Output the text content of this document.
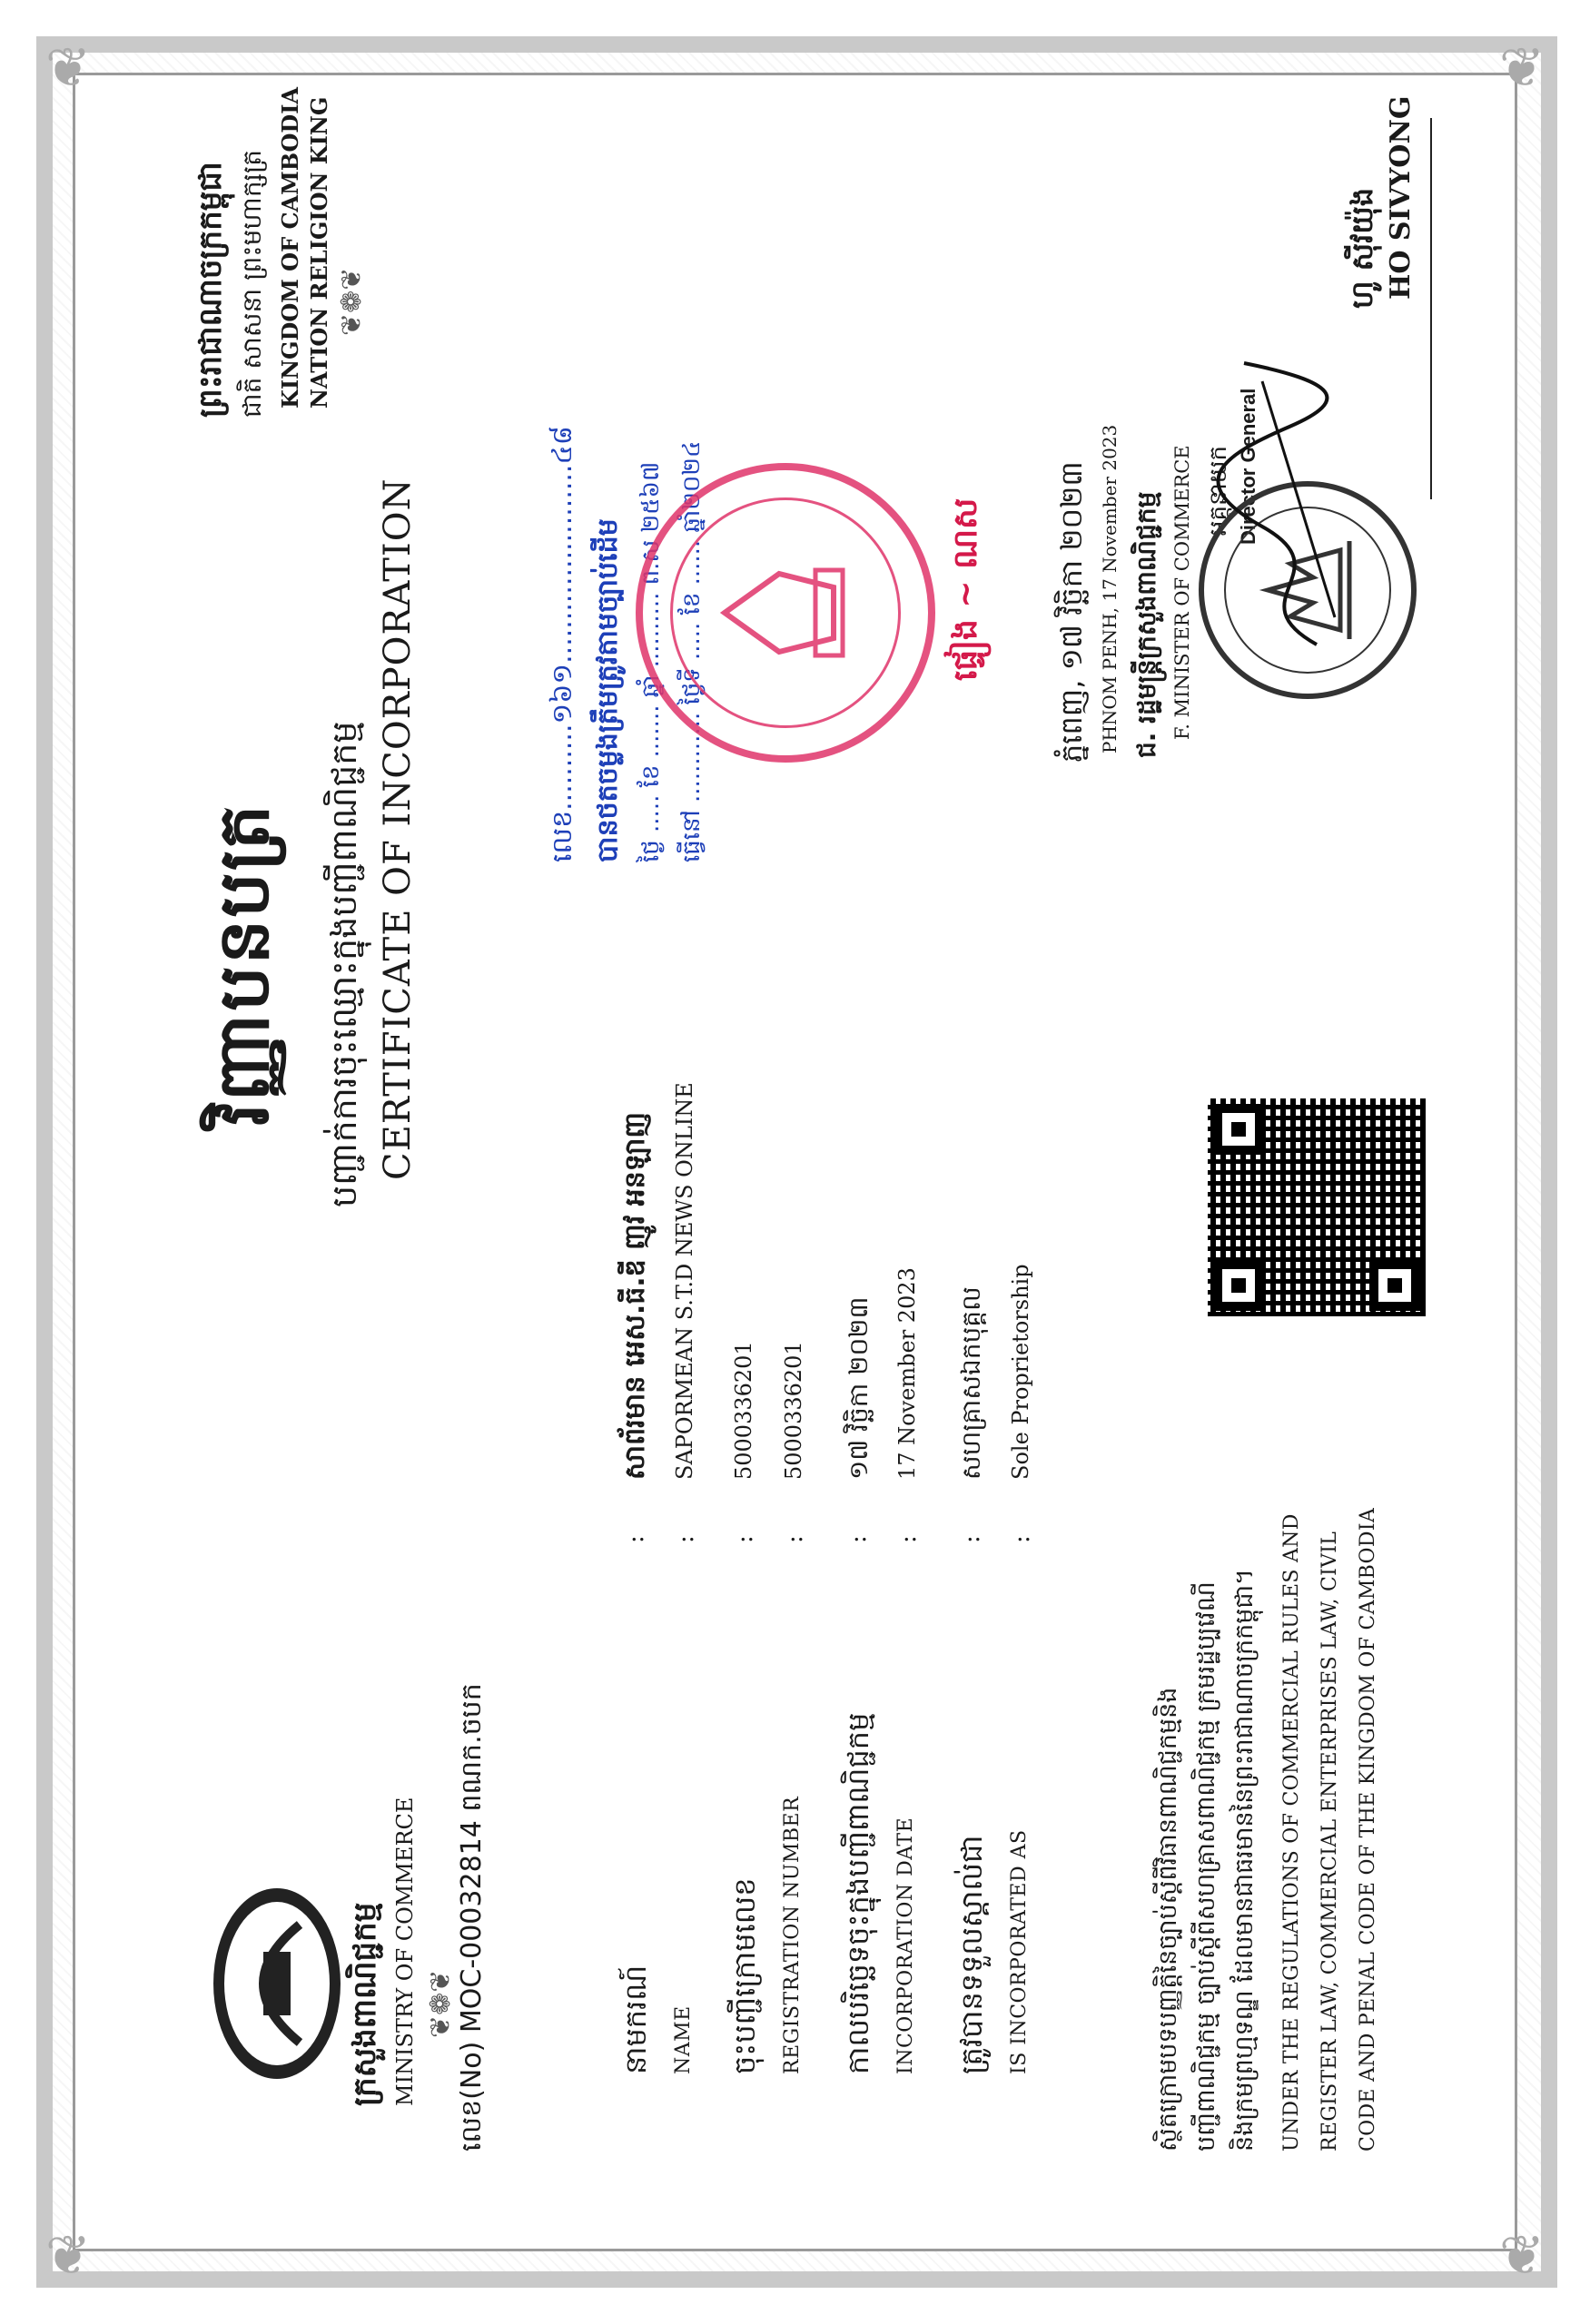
❦	❦
❦	❦
ក្រសួងពាណិជ្ជកម្ម MINISTRY OF COMMERCE ❦❁❦ លេខ(No) MOC-00032814 ពណក.ចបក
វិញ្ញាបនបត្រ	បញ្ជាក់ការចុះឈ្មោះក្នុងបញ្ជីពាណិជ្ជកម្ម CERTIFICATE OF INCORPORATION
ព្រះរាជាណាចក្រកម្ពុជា ជាតិ សាសនា ព្រះមហាក្សត្រ KINGDOM OF CAMBODIA NATION RELIGION KING ❦❁❦
នាមករណ៍ NAME
: :
សាព័រមាន អេស.ធី.ឌី ញូវ អនឡាញ SAPORMEAN S.T.D NEWS ONLINE
ចុះបញ្ជីក្រោមលេខ REGISTRATION NUMBER
: :
5000336201 5000336201
កាលបរិច្ឆេទចុះក្នុងបញ្ជីពាណិជ្ជកម្ម INCORPORATION DATE
: :
១៧ វិច្ឆិកា ២០២៣ 17 November 2023
ត្រូវបានទទួលស្គាល់ជា IS INCORPORATED AS
: :
សហគ្រាសឯកបុគ្គល Sole Proprietorship
ស្ថិតក្រោមបទបញ្ញត្តិនៃច្បាប់ស្តីពីវិធានពាណិជ្ជកម្មនិង បញ្ជីពាណិជ្ជកម្ម ច្បាប់ស្តីពីសហគ្រាសពាណិជ្ជកម្ម ក្រមរដ្ឋប្បវេណី និងក្រមព្រហ្មទណ្ឌ ដែលមានជាធរមាននៃព្រះរាជាណាចក្រកម្ពុជា។	UNDER THE REGULATIONS OF COMMERCIAL RULES AND REGISTER LAW, COMMERCIAL ENTERPRISES LAW, CIVIL CODE AND PENAL CODE OF THE KINGDOM OF CAMBODIA
លេខ..........១៦១.......................៤៨ បានថតចម្លងត្រឹមត្រូវតាមច្បាប់ដើម ថ្ងៃ ..... ខែ ....... ឆ្នាំ .......... ព.ស ២៥៦៧ ធ្វើនៅ ............ ថ្ងៃទី ..... ខែ ...... ឆ្នាំ២០២៤	ផ្ទៀង ~ ណស ភ្នំពេញ, ១៧ វិច្ឆិកា ២០២៣ PHNOM PENH, 17 November 2023 ជ. រដ្ឋមន្ត្រីក្រសួងពាណិជ្ជកម្ម F. MINISTER OF COMMERCE អគ្គនាយក Director General
ហូ ស៊ីវយ៉ុង HO SIVYONG
